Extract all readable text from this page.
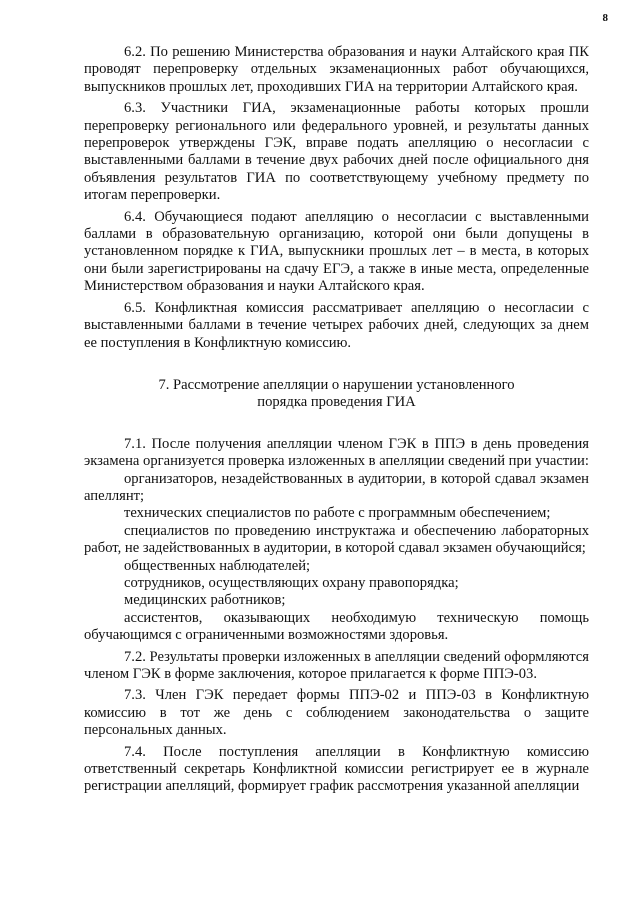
8

6.2. По решению Министерства образования и науки Алтайского края ПК проводят перепроверку отдельных экзаменационных работ обучающихся, выпускников прошлых лет, проходивших ГИА на территории Алтайского края.

6.3. Участники ГИА, экзаменационные работы которых прошли перепроверку регионального или федерального уровней, и результаты данных перепроверок утверждены ГЭК, вправе подать апелляцию о несогласии с выставленными баллами в течение двух рабочих дней после официального дня объявления результатов ГИА по соответствующему учебному предмету по итогам перепроверки.

6.4. Обучающиеся подают апелляцию о несогласии с выставленными баллами в образовательную организацию, которой они были допущены в установленном порядке к ГИА, выпускники прошлых лет – в места, в которых они были зарегистрированы на сдачу ЕГЭ, а также в иные места, определенные Министерством образования и науки Алтайского края.

6.5. Конфликтная комиссия рассматривает апелляцию о несогласии с выставленными баллами в течение четырех рабочих дней, следующих за днем ее поступления в Конфликтную комиссию.

7. Рассмотрение апелляции о нарушении установленного
порядка проведения ГИА

7.1. После получения апелляции членом ГЭК в ППЭ в день проведения экзамена организуется проверка изложенных в апелляции сведений при участии:

организаторов, незадействованных в аудитории, в которой сдавал экзамен апеллянт;

технических специалистов по работе с программным обеспечением;

специалистов по проведению инструктажа и обеспечению лабораторных работ, не задействованных в аудитории, в которой сдавал экзамен обучающийся;

общественных наблюдателей;

сотрудников, осуществляющих охрану правопорядка;

медицинских работников;

ассистентов, оказывающих необходимую техническую помощь обучающимся с ограниченными возможностями здоровья.

7.2. Результаты проверки изложенных в апелляции сведений оформляются членом ГЭК в форме заключения, которое прилагается к форме ППЭ-03.

7.3. Член ГЭК передает формы ППЭ-02 и ППЭ-03 в Конфликтную комиссию в тот же день с соблюдением законодательства о защите персональных данных.

7.4. После поступления апелляции в Конфликтную комиссию ответственный секретарь Конфликтной комиссии регистрирует ее в журнале регистрации апелляций, формирует график рассмотрения указанной апелляции
